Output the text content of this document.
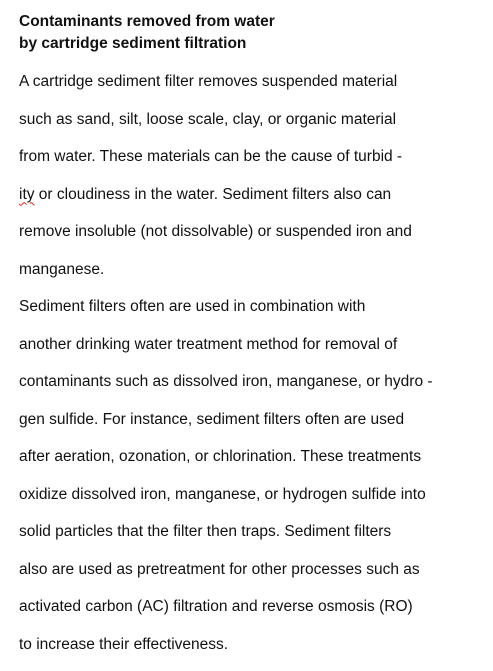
Contaminants removed from water

by cartridge sediment filtration

A cartridge sediment filter removes suspended material

such as sand, silt, loose scale, clay, or organic material

from water. These materials can be the cause of turbid -

ity or cloudiness in the water. Sediment filters also can

remove insoluble (not dissolvable) or suspended iron and

manganese.

Sediment filters often are used in combination with

another drinking water treatment method for removal of

contaminants such as dissolved iron, manganese, or hydro -

gen sulfide. For instance, sediment filters often are used

after aeration, ozonation, or chlorination. These treatments

oxidize dissolved iron, manganese, or hydrogen sulfide into

solid particles that the filter then traps. Sediment filters

also are used as pretreatment for other processes such as

activated carbon (AC) filtration and reverse osmosis (RO)

to increase their effectiveness.
